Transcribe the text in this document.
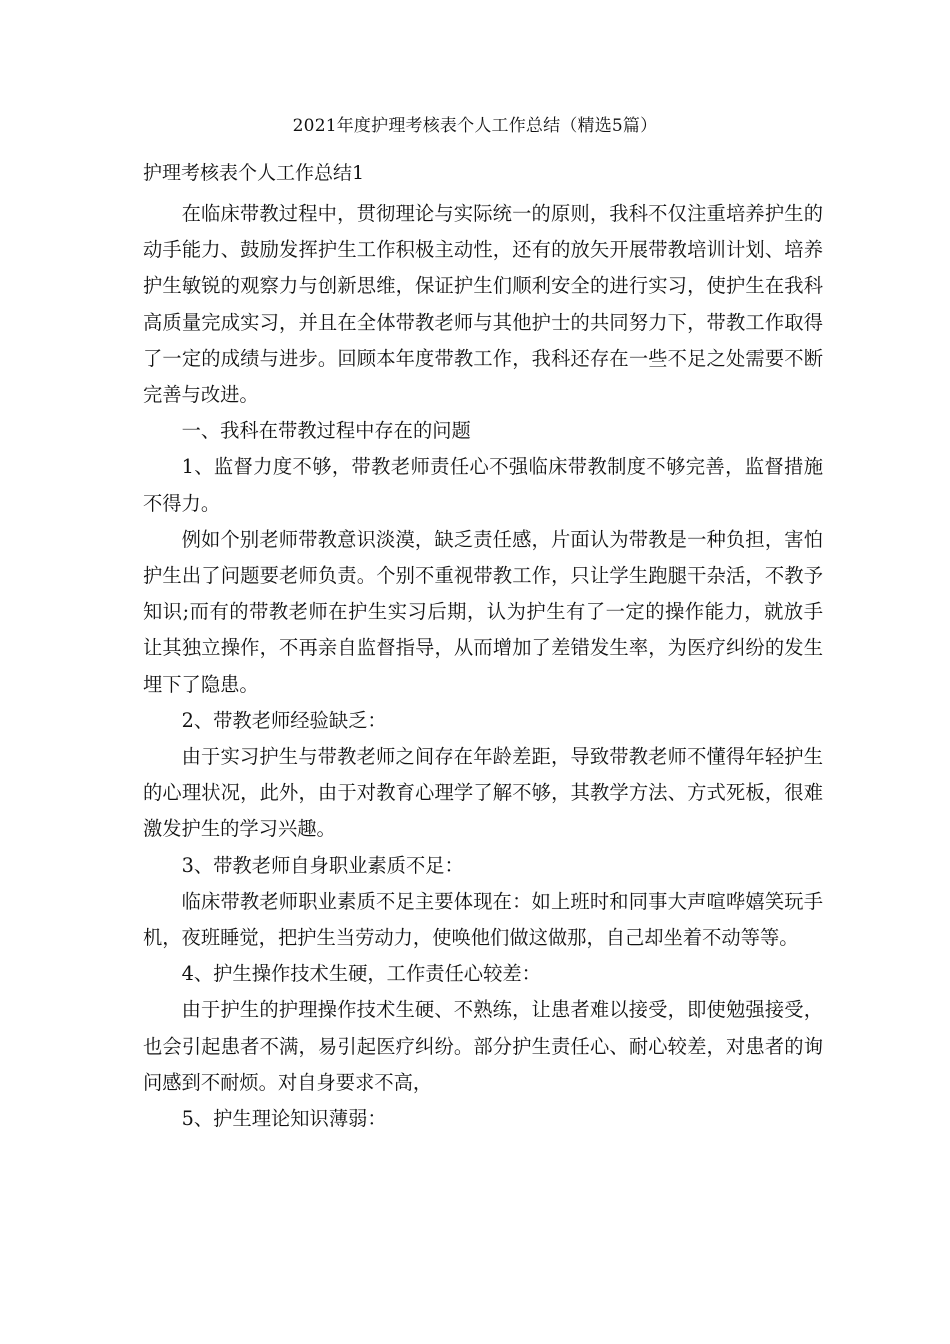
2021年度护理考核表个人工作总结（精选5篇）
护理考核表个人工作总结1

在临床带教过程中，贯彻理论与实际统一的原则，我科不仅注重培养护生的动手能力、鼓励发挥护生工作积极主动性，还有的放矢开展带教培训计划、培养护生敏锐的观察力与创新思维，保证护生们顺利安全的进行实习，使护生在我科高质量完成实习，并且在全体带教老师与其他护士的共同努力下，带教工作取得了一定的成绩与进步。回顾本年度带教工作，我科还存在一些不足之处需要不断完善与改进。

一、我科在带教过程中存在的问题

1、监督力度不够，带教老师责任心不强临床带教制度不够完善，监督措施不得力。

例如个别老师带教意识淡漠，缺乏责任感，片面认为带教是一种负担，害怕护生出了问题要老师负责。个别不重视带教工作，只让学生跑腿干杂活，不教予知识;而有的带教老师在护生实习后期，认为护生有了一定的操作能力，就放手让其独立操作，不再亲自监督指导，从而增加了差错发生率，为医疗纠纷的发生埋下了隐患。

2、带教老师经验缺乏：

由于实习护生与带教老师之间存在年龄差距，导致带教老师不懂得年轻护生的心理状况，此外，由于对教育心理学了解不够，其教学方法、方式死板，很难激发护生的学习兴趣。

3、带教老师自身职业素质不足：

临床带教老师职业素质不足主要体现在：如上班时和同事大声喧哗嬉笑玩手机，夜班睡觉，把护生当劳动力，使唤他们做这做那，自己却坐着不动等等。

4、护生操作技术生硬，工作责任心较差：

由于护生的护理操作技术生硬、不熟练，让患者难以接受，即使勉强接受，也会引起患者不满，易引起医疗纠纷。部分护生责任心、耐心较差，对患者的询问感到不耐烦。对自身要求不高，

5、护生理论知识薄弱：
